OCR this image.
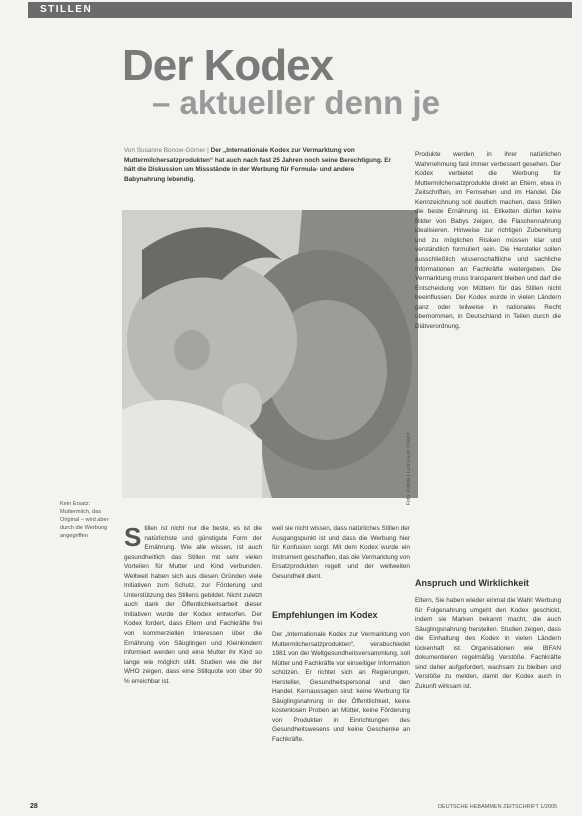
STILLEN
Der Kodex
– aktueller denn je
Von Susanne Bonow-Görner | Der „Internationale Kodex zur Vermarktung von Muttermilchersatzprodukten“ hat auch nach fast 25 Jahren noch seine Berechtigung. Er hält die Diskussion um Missstände in der Werbung für Formula- und andere Babynahrung lebendig.
Foto: Fotolia | Luis Louro | David
Kein Ersatz: Muttermilch, das Original – wird aber durch die Werbung angegriffen	S tillen ist nicht nur die beste, es ist die natürlichste und günstigste Form der Ernährung. Wie alle wissen, ist auch gesundheitlich das Stillen mit sehr vielen Vorteilen für Mutter und Kind verbunden. Weltweit haben sich aus diesen Gründen viele Initiativen zum Schutz, zur Förderung und Unterstützung des Stillens gebildet. Nicht zuletzt auch dank der Öffentlichkeitsarbeit dieser Initiativen wurde der Kodex entworfen. Der Kodex fordert, dass Eltern und Fachkräfte frei von kommerziellen Interessen über die Ernährung von Säuglingen und Kleinkindern informiert werden und eine Mutter ihr Kind so lange wie möglich stillt. Studien wie die der WHO zeigen, dass eine Stillquote von über 90 % erreichbar ist.

weil sie nicht wissen, dass natürliches Stillen der Ausgangspunkt ist und dass die Werbung hier für Konfusion sorgt. Mit dem Kodex wurde ein Instrument geschaffen, das die Vermarktung von Ersatzprodukten regelt und der weltweiten Gesundheit dient.

Empfehlungen im Kodex

Der „Internationale Kodex zur Vermarktung von Muttermilchersatzprodukten“, verabschiedet 1981 von der Weltgesundheitsversammlung, soll Mütter und Fachkräfte vor einseitiger Information schützen. Er richtet sich an Regierungen, Hersteller, Gesundheitspersonal und den Handel. Kernaussagen sind: keine Werbung für Säuglingsnahrung in der Öffentlichkeit, keine kostenlosen Proben an Mütter, keine Förderung von Produkten in Einrichtungen des Gesundheitswesens und keine Geschenke an Fachkräfte.

Produkte werden in ihrer natürlichen Wahrnehmung fast immer verbessert gesehen. Der Kodex verbietet die Werbung für Muttermilchersatzprodukte direkt an Eltern, etwa in Zeitschriften, im Fernsehen und im Handel. Die Kennzeichnung soll deutlich machen, dass Stillen die beste Ernährung ist. Etiketten dürfen keine Bilder von Babys zeigen, die Flaschennahrung idealisieren. Hinweise zur richtigen Zubereitung und zu möglichen Risiken müssen klar und verständlich formuliert sein. Die Hersteller sollen ausschließlich wissenschaftliche und sachliche Informationen an Fachkräfte weitergeben. Die Vermarktung muss transparent bleiben und darf die Entscheidung von Müttern für das Stillen nicht beeinflussen. Der Kodex wurde in vielen Ländern ganz oder teilweise in nationales Recht übernommen, in Deutschland in Teilen durch die Diätverordnung.

Anspruch und Wirklichkeit

Eltern, Sie haben wieder einmal die Wahl: Werbung für Folgenahrung umgeht den Kodex geschickt, indem sie Marken bekannt macht, die auch Säuglingsnahrung herstellen. Studien zeigen, dass die Einhaltung des Kodex in vielen Ländern lückenhaft ist. Organisationen wie IBFAN dokumentieren regelmäßig Verstöße. Fachkräfte sind daher aufgefordert, wachsam zu bleiben und Verstöße zu melden, damit der Kodex auch in Zukunft wirksam ist.

28	DEUTSCHE HEBAMMEN ZEITSCHRIFT 1/2005
